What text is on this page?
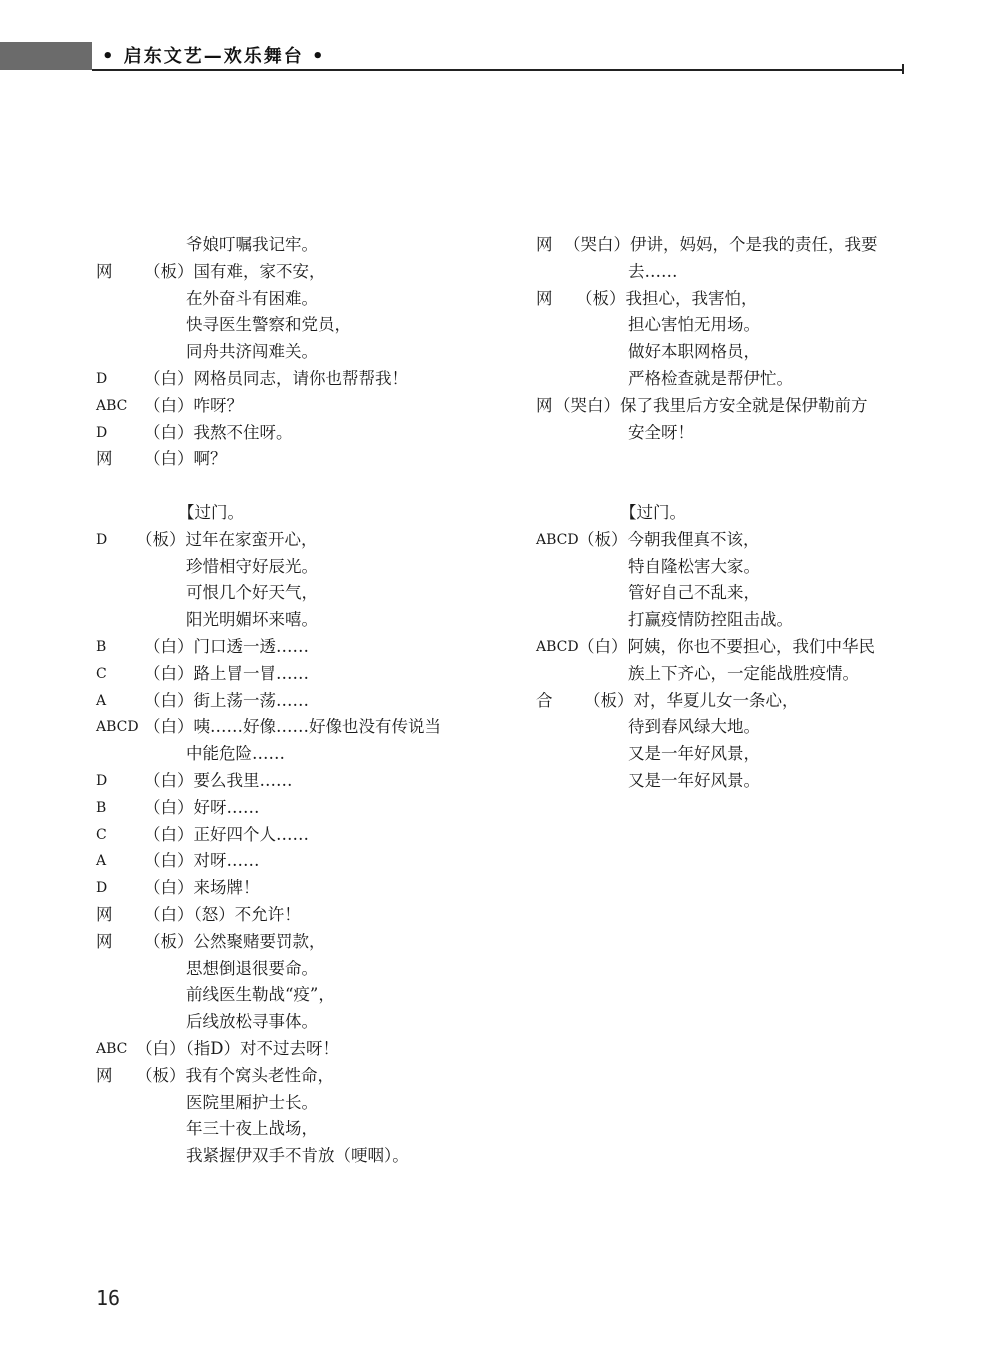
• 启东文艺—欢乐舞台 •
爷娘叮嘱我记牢。
网 （板）国有难，家不安，
在外奋斗有困难。
快寻医生警察和党员，
同舟共济闯难关。
D （白）网格员同志，请你也帮帮我！
ABC （白）咋呀？
D （白）我熬不住呀。
网 （白）啊？
【过门。
D （板）过年在家蛮开心，
珍惜相守好辰光。
可恨几个好天气，
阳光明媚坏来嘻。
B （白）门口透一透……
C （白）路上冒一冒……
A （白）街上荡一荡……
ABCD （白）咦……好像……好像也没有传说当
中能危险……
D （白）要么我里……
B （白）好呀……
C （白）正好四个人……
A （白）对呀……
D （白）来场牌！
网 （白）（怒）不允许！
网 （板）公然聚赌要罚款，
思想倒退很要命。
前线医生勒战“疫”，
后线放松寻事体。
ABC （白）（指D）对不过去呀！
网 （板）我有个窝头老性命，
医院里厢护士长。
年三十夜上战场，
我紧握伊双手不肯放（哽咽）。
网 （哭白）伊讲，妈妈，个是我的责任，我要
去……
网 （板）我担心，我害怕，
担心害怕无用场。
做好本职网格员，
严格检查就是帮伊忙。
网 （哭白）保了我里后方安全就是保伊勒前方
安全呀！
【过门。
ABCD （板）今朝我俚真不该，
特自隆松害大家。
管好自己不乱来，
打赢疫情防控阻击战。
ABCD （白）阿姨，你也不要担心，我们中华民
族上下齐心，一定能战胜疫情。
合 （板）对，华夏儿女一条心，
待到春风绿大地。
又是一年好风景，
又是一年好风景。
16
